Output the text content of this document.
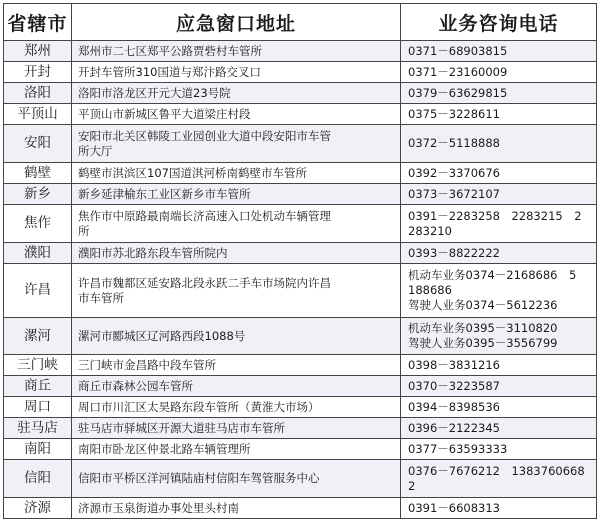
省辖市	应急窗口地址	业务咨询电话
郑州	郑州市二七区郑平公路贾砦村车管所	0371－68903815

开封	开封车管所310国道与郑汴路交叉口	0371－23160009

洛阳	洛阳市洛龙区开元大道23号院	0379－63629815

平顶山	平顶山市新城区鲁平大道梁庄村段	0375－3228611

安阳	安阳市北关区韩陵工业园创业大道中段安阳市车管
所大厅	0372－5118888

鹤壁	鹤壁市淇滨区107国道淇河桥南鹤壁市车管所	0392－3370676

新乡	新乡延津榆东工业区新乡市车管所	0373－3672107

焦作	焦作市中原路最南端长济高速入口处机动车辆管理
所	0391－2283258　2283215　2
283210

濮阳	濮阳市苏北路东段车管所院内	0393－8822222

许昌	许昌市魏都区延安路北段永跃二手车市场院内许昌
市车管所	机动车业务0374－2168686　5
188686
驾驶人业务0374－5612236

漯河	漯河市郾城区辽河路西段1088号	机动车业务0395－3110820
驾驶人业务0395－3556799

三门峡	三门峡市金昌路中段车管所	0398－3831216

商丘	商丘市森林公园车管所	0370－3223587

周口	周口市川汇区太昊路东段车管所（黄淮大市场）	0394－8398536

驻马店	驻马店市驿城区开源大道驻马店市车管所	0396－2122345

南阳	南阳市卧龙区仲景北路车辆管理所	0377－63593333

信阳	信阳市平桥区洋河镇陆庙村信阳车驾管服务中心	0376－7676212　1383760668
2

济源	济源市玉泉街道办事处里头村南	0391－6608313
